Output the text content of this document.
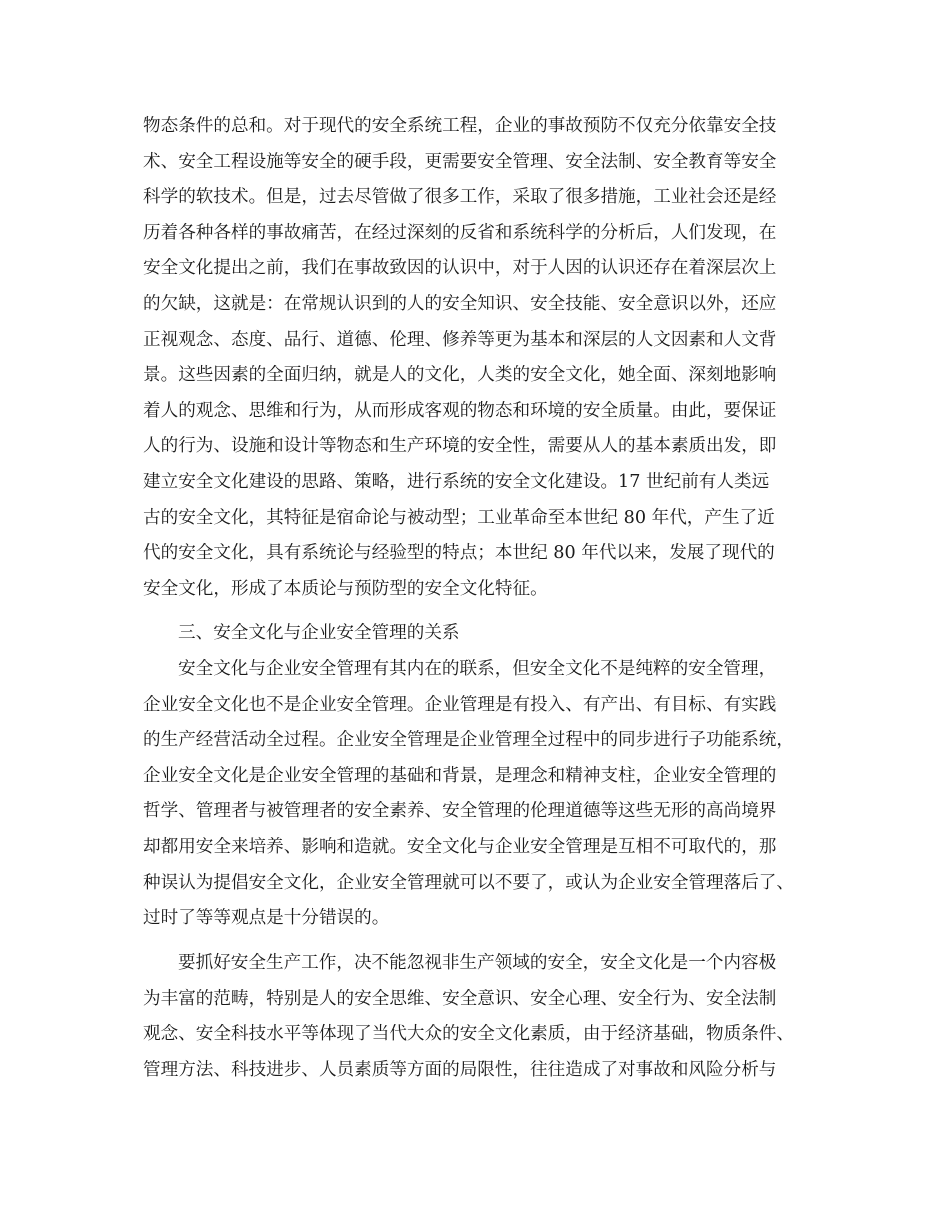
物态条件的总和。对于现代的安全系统工程，企业的事故预防不仅充分依靠安全技
术、安全工程设施等安全的硬手段，更需要安全管理、安全法制、安全教育等安全
科学的软技术。但是，过去尽管做了很多工作，采取了很多措施，工业社会还是经
历着各种各样的事故痛苦，在经过深刻的反省和系统科学的分析后，人们发现，在
安全文化提出之前，我们在事故致因的认识中，对于人因的认识还存在着深层次上
的欠缺，这就是：在常规认识到的人的安全知识、安全技能、安全意识以外，还应
正视观念、态度、品行、道德、伦理、修养等更为基本和深层的人文因素和人文背
景。这些因素的全面归纳，就是人的文化，人类的安全文化，她全面、深刻地影响
着人的观念、思维和行为，从而形成客观的物态和环境的安全质量。由此，要保证
人的行为、设施和设计等物态和生产环境的安全性，需要从人的基本素质出发，即
建立安全文化建设的思路、策略，进行系统的安全文化建设。17 世纪前有人类远
古的安全文化，其特征是宿命论与被动型；工业革命至本世纪 80 年代，产生了近
代的安全文化，具有系统论与经验型的特点；本世纪 80 年代以来，发展了现代的
安全文化，形成了本质论与预防型的安全文化特征。
三、安全文化与企业安全管理的关系
安全文化与企业安全管理有其内在的联系，但安全文化不是纯粹的安全管理，
企业安全文化也不是企业安全管理。企业管理是有投入、有产出、有目标、有实践
的生产经营活动全过程。企业安全管理是企业管理全过程中的同步进行子功能系统，
企业安全文化是企业安全管理的基础和背景，是理念和精神支柱，企业安全管理的
哲学、管理者与被管理者的安全素养、安全管理的伦理道德等这些无形的高尚境界
却都用安全来培养、影响和造就。安全文化与企业安全管理是互相不可取代的，那
种误认为提倡安全文化，企业安全管理就可以不要了，或认为企业安全管理落后了、
过时了等等观点是十分错误的。
要抓好安全生产工作，决不能忽视非生产领域的安全，安全文化是一个内容极
为丰富的范畴，特别是人的安全思维、安全意识、安全心理、安全行为、安全法制
观念、安全科技水平等体现了当代大众的安全文化素质，由于经济基础，物质条件、
管理方法、科技进步、人员素质等方面的局限性，往往造成了对事故和风险分析与
